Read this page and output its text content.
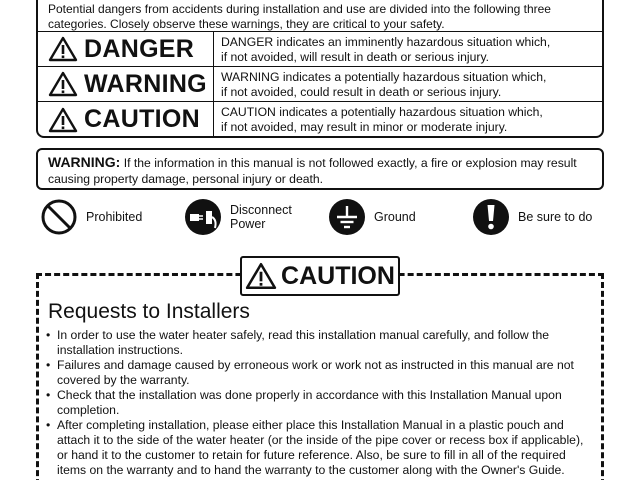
Potential dangers from accidents during installation and use are divided into the following three categories. Closely observe these warnings, they are critical to your safety.
DANGER DANGER indicates an imminently hazardous situation which,
if not avoided, will result in death or serious injury.
WARNING WARNING indicates a potentially hazardous situation which,
if not avoided, could result in death or serious injury.
CAUTION CAUTION indicates a potentially hazardous situation which,
if not avoided, may result in minor or moderate injury.
WARNING: If the information in this manual is not followed exactly, a fire or explosion may result causing property damage, personal injury or death.
Prohibited	Disconnect
Power	Ground	Be sure to do
CAUTION
Requests to Installers
• In order to use the water heater safely, read this installation manual carefully, and follow the installation instructions.
• Failures and damage caused by erroneous work or work not as instructed in this manual are not covered by the warranty.
• Check that the installation was done properly in accordance with this Installation Manual upon completion.
• After completing installation, please either place this Installation Manual in a plastic pouch and attach it to the side of the water heater (or the inside of the pipe cover or recess box if applicable), or hand it to the customer to retain for future reference. Also, be sure to fill in all of the required items on the warranty and to hand the warranty to the customer along with the Owner's Guide.
